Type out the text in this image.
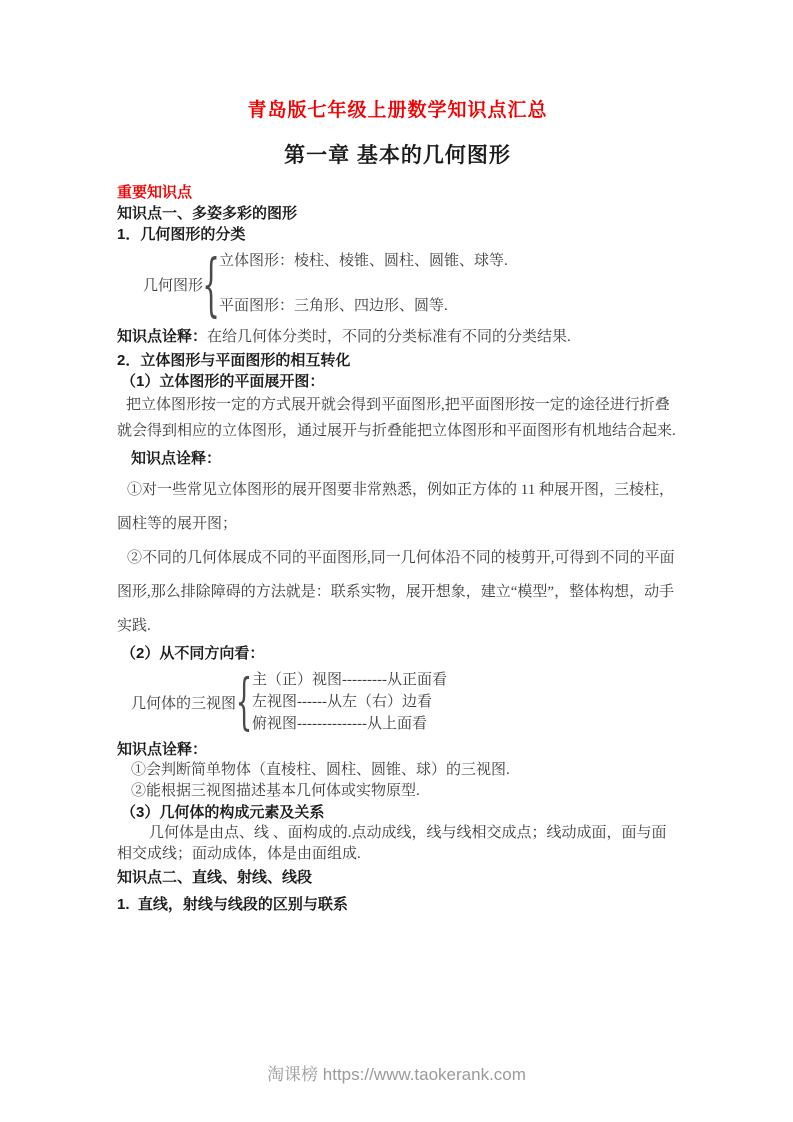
青岛版七年级上册数学知识点汇总
第一章 基本的几何图形
重要知识点
知识点一、多姿多彩的图形
1．几何图形的分类
几何图形 { 立体图形：棱柱、棱锥、圆柱、圆锥、球等.
平面图形：三角形、四边形、圆等.
知识点诠释：在给几何体分类时，不同的分类标准有不同的分类结果.
2．立体图形与平面图形的相互转化
（1）立体图形的平面展开图：
把立体图形按一定的方式展开就会得到平面图形,把平面图形按一定的途径进行折叠就会得到相应的立体图形，通过展开与折叠能把立体图形和平面图形有机地结合起来.
知识点诠释：
①对一些常见立体图形的展开图要非常熟悉，例如正方体的 11 种展开图，三棱柱，圆柱等的展开图；
②不同的几何体展成不同的平面图形,同一几何体沿不同的棱剪开,可得到不同的平面图形,那么排除障碍的方法就是：联系实物，展开想象，建立“模型”，整体构想，动手实践.
（2）从不同方向看：
几何体的三视图 { 主（正）视图---------从正面看
左视图------从左（右）边看
俯视图--------------从上面看
知识点诠释：
①会判断简单物体（直棱柱、圆柱、圆锥、球）的三视图.
②能根据三视图描述基本几何体或实物原型.
（3）几何体的构成元素及关系
几何体是由点、线 、面构成的.点动成线，线与线相交成点；线动成面，面与面相交成线；面动成体，体是由面组成.
知识点二、直线、射线、线段
1.  直线，射线与线段的区别与联系
淘课榜 https://www.taokerank.com
